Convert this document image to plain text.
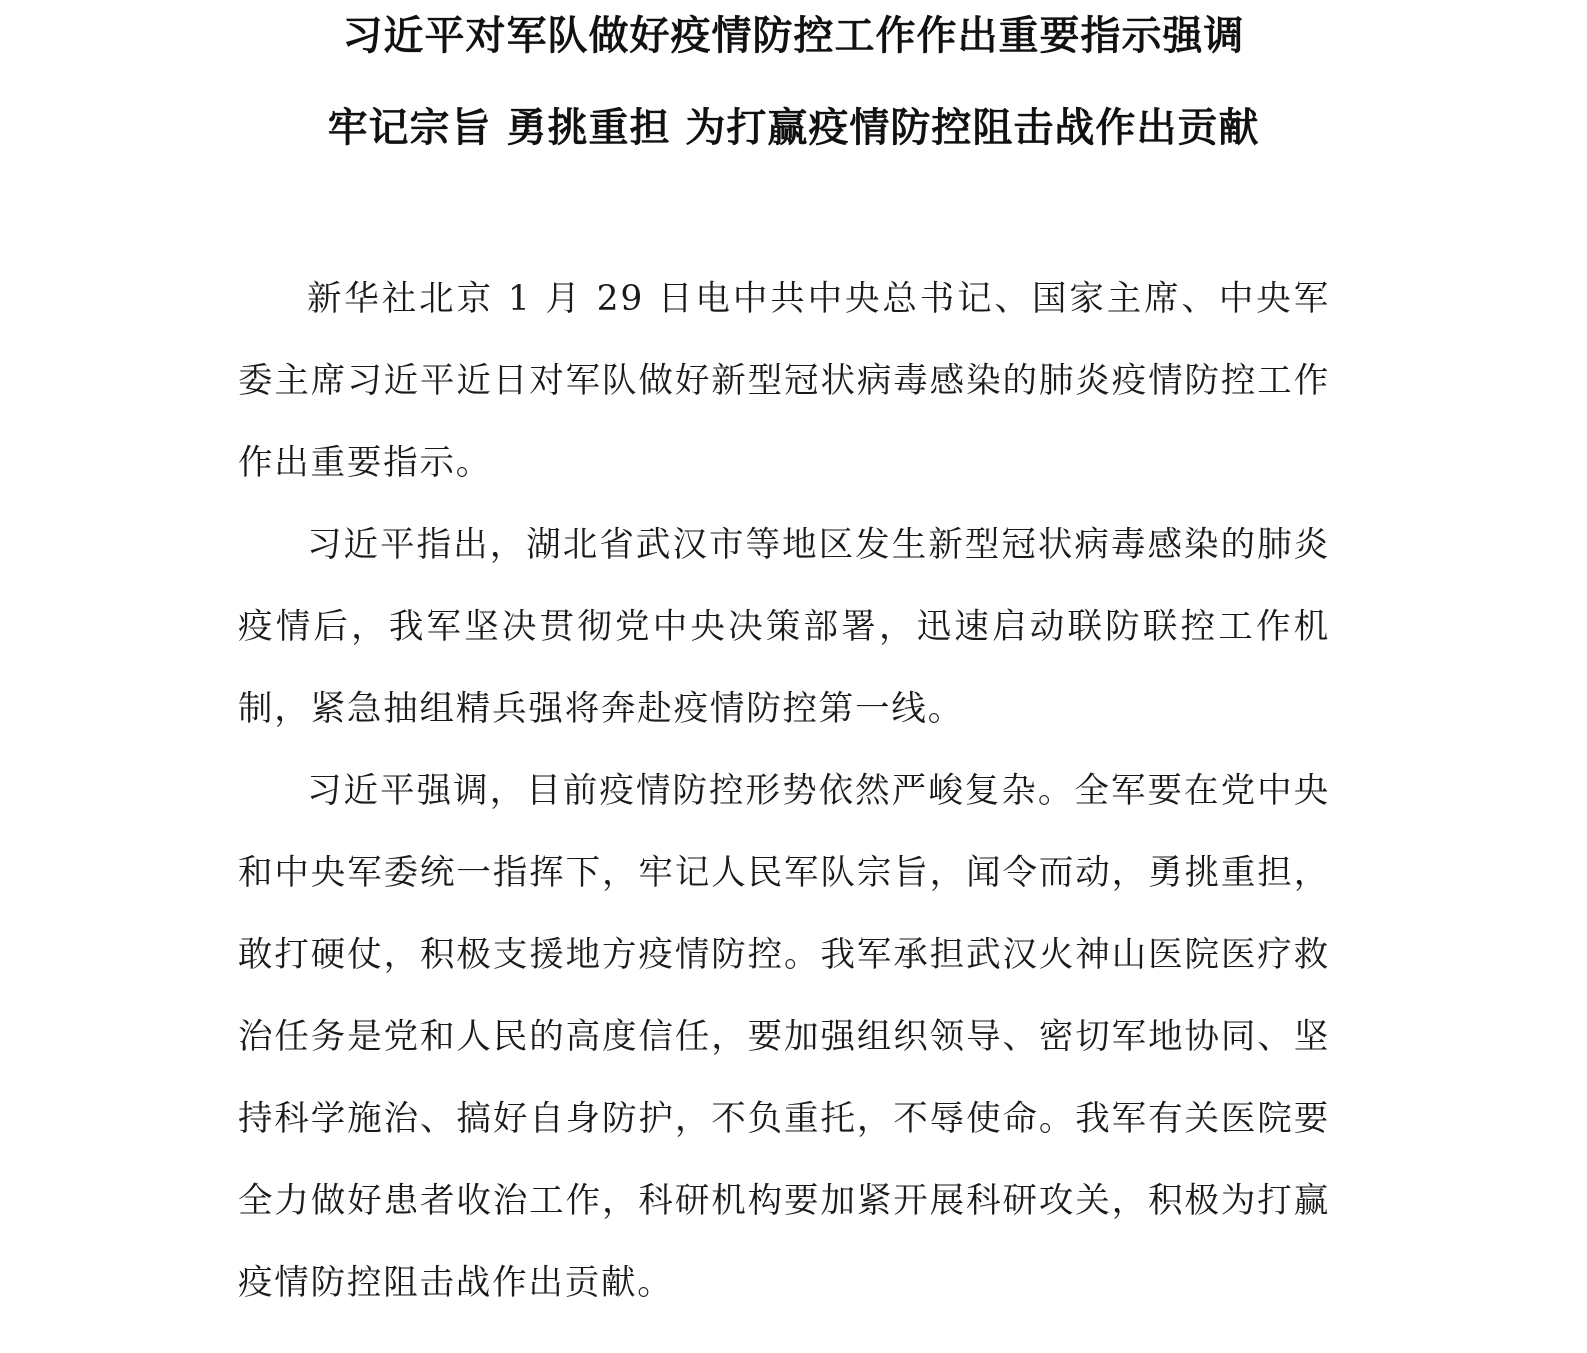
习近平对军队做好疫情防控工作作出重要指示强调
牢记宗旨 勇挑重担 为打赢疫情防控阻击战作出贡献

新华社北京 1 月 29 日电中共中央总书记、国家主席、中央军委主席习近平近日对军队做好新型冠状病毒感染的肺炎疫情防控工作作出重要指示。

习近平指出，湖北省武汉市等地区发生新型冠状病毒感染的肺炎疫情后，我军坚决贯彻党中央决策部署，迅速启动联防联控工作机制，紧急抽组精兵强将奔赴疫情防控第一线。

习近平强调，目前疫情防控形势依然严峻复杂。全军要在党中央和中央军委统一指挥下，牢记人民军队宗旨，闻令而动，勇挑重担，敢打硬仗，积极支援地方疫情防控。我军承担武汉火神山医院医疗救治任务是党和人民的高度信任，要加强组织领导、密切军地协同、坚持科学施治、搞好自身防护，不负重托，不辱使命。我军有关医院要全力做好患者收治工作，科研机构要加紧开展科研攻关，积极为打赢疫情防控阻击战作出贡献。
